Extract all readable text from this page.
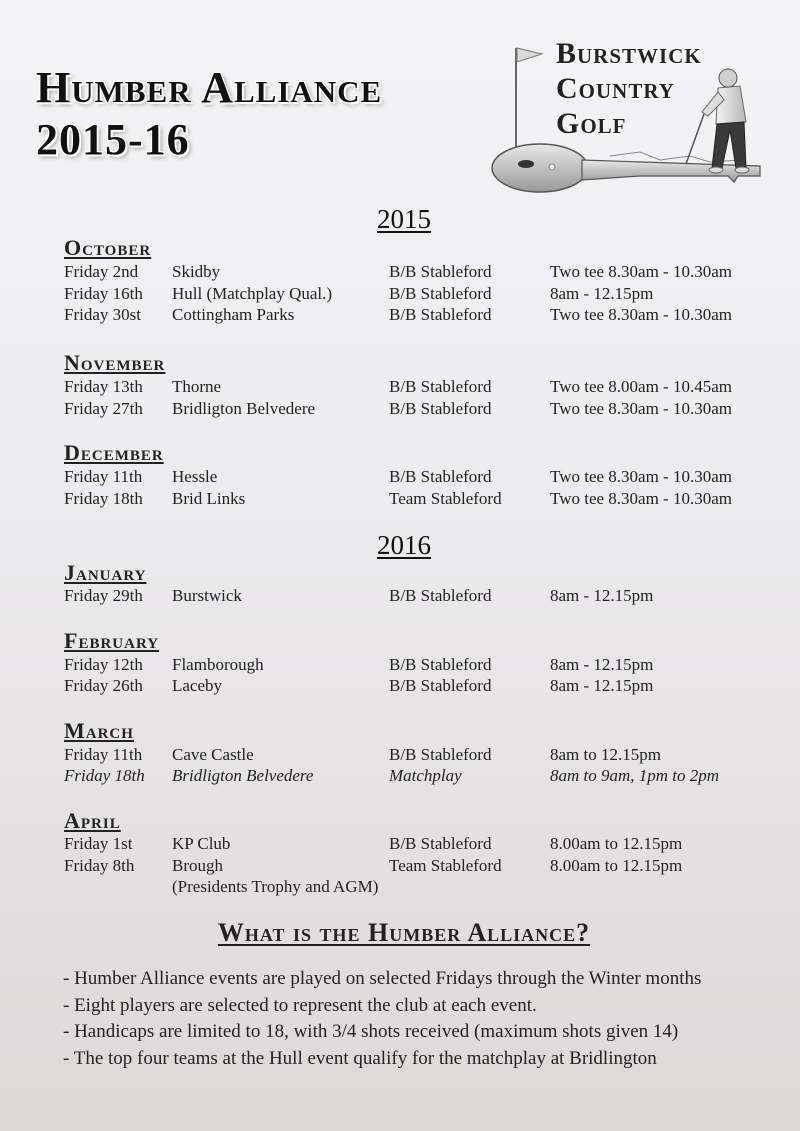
Humber Alliance
2015-16
Burstwick
Country
Golf
2015
October
Friday 2nd Skidby	B/B Stableford	Two tee 8.30am - 10.30am
Friday 16th Hull (Matchplay Qual.)	B/B Stableford	8am - 12.15pm
Friday 30st Cottingham Parks	B/B Stableford	Two tee 8.30am - 10.30am
November
Friday 13th Thorne	B/B Stableford	Two tee 8.00am - 10.45am
Friday 27th Bridligton Belvedere	B/B Stableford	Two tee 8.30am - 10.30am
December
Friday 11th Hessle	B/B Stableford	Two tee 8.30am - 10.30am
Friday 18th Brid Links	Team Stableford	Two tee 8.30am - 10.30am
2016
January
Friday 29th Burstwick	B/B Stableford	8am - 12.15pm
February
Friday 12th Flamborough	B/B Stableford	8am - 12.15pm
Friday 26th Laceby	B/B Stableford	8am - 12.15pm
March
Friday 11th Cave Castle	B/B Stableford	8am to 12.15pm
Friday 18th Bridligton Belvedere	Matchplay	8am to 9am, 1pm to 2pm
April
Friday 1st KP Club	B/B Stableford	8.00am to 12.15pm
Friday 8th Brough	Team Stableford	8.00am to 12.15pm
(Presidents Trophy and AGM)
What is the Humber Alliance?
- Humber Alliance events are played on selected Fridays through the Winter months
- Eight players are selected to represent the club at each event.
- Handicaps are limited to 18, with 3/4 shots received (maximum shots given 14)
- The top four teams at the Hull event qualify for the matchplay at Bridlington
